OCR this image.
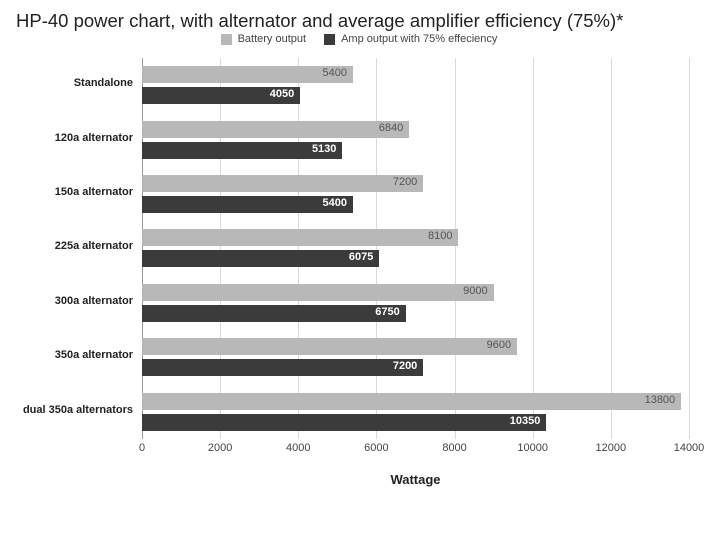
HP-40 power chart, with alternator and average amplifier efficiency (75%)*
Battery output	Amp output with 75% effeciency
Standalone
5400
4050
120a alternator
6840
5130
150a alternator
7200
5400
225a alternator
8100
6075
300a alternator
9000
6750
350a alternator
9600
7200
dual 350a alternators
13800
10350
0	2000	4000	6000	8000	10000	12000	14000
Wattage
